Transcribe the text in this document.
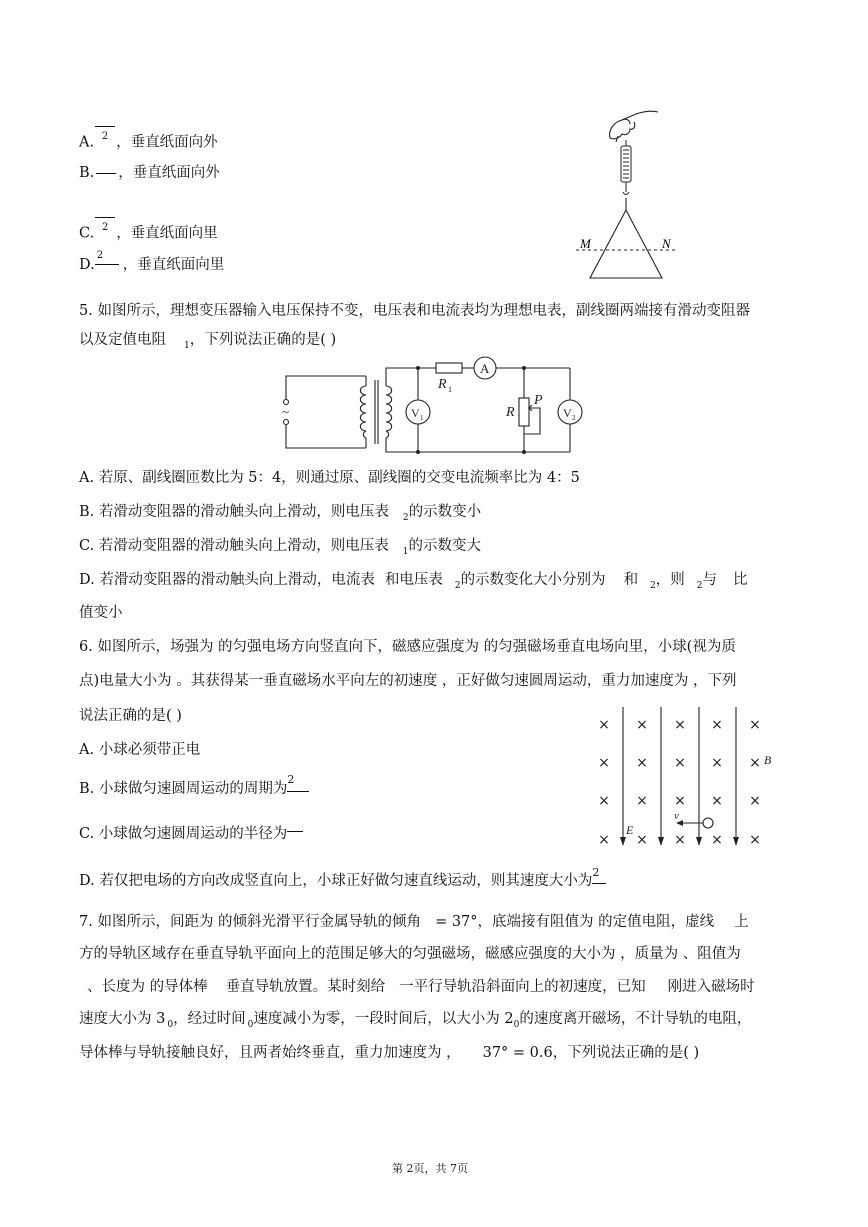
A. $^2$ ，垂直纸面向外
B. ，垂直纸面向外
C. $^2$ ，垂直纸面向里
D.
2
，垂直纸面向里
M	N
5. 如图所示，理想变压器输入电压保持不变，电压表和电流表均为理想电表，副线圈两端接有滑动变阻器
以及定值电阻 $_1$，下列说法正确的是( )
~
R 1
A
V 1	R
P
V 2
A. 若原、副线圈匝数比为 5：4，则通过原、副线圈的交变电流频率比为 4：5
B. 若滑动变阻器的滑动触头向上滑动，则电压表 $_2$的示数变小
C. 若滑动变阻器的滑动触头向上滑动，则电压表 $_1$的示数变大
D. 若滑动变阻器的滑动触头向上滑动，电流表 和电压表 $_2$的示数变化大小分别为 和 $_2$，则 $_2$与 比
值变小
6. 如图所示，场强为 的匀强电场方向竖直向下，磁感应强度为 的匀强磁场垂直电场向里，小球(视为质
点)电量大小为 。其获得某一垂直磁场水平向左的初速度 ，正好做匀速圆周运动，重力加速度为 ，下列
说法正确的是( )
A. 小球必须带正电
B. 小球做匀速圆周运动的周期为
2
C. 小球做匀速圆周运动的半径为
D. 若仅把电场的方向改成竖直向上，小球正好做匀速直线运动，则其速度大小为
2
× × × × ×
× × × × ×
× × × × ×
× × × × ×
v
B
E
7. 如图所示，间距为 的倾斜光滑平行金属导轨的倾角 = 37°，底端接有阻值为 的定值电阻，虚线 上
方的导轨区域存在垂直导轨平面向上的范围足够大的匀强磁场，磁感应强度的大小为 ，质量为 、阻值为
、长度为 的导体棒 垂直导轨放置。某时刻给 一平行导轨沿斜面向上的初速度，已知 刚进入磁场时
速度大小为 3 $_0$，经过时间 $_0$速度减小为零，一段时间后，以大小为 $2_0$的速度离开磁场，不计导轨的电阻，
导体棒与导轨接触良好，且两者始终垂直，重力加速度为 ， 37° = 0.6，下列说法正确的是( )
第 2页，共 7页
